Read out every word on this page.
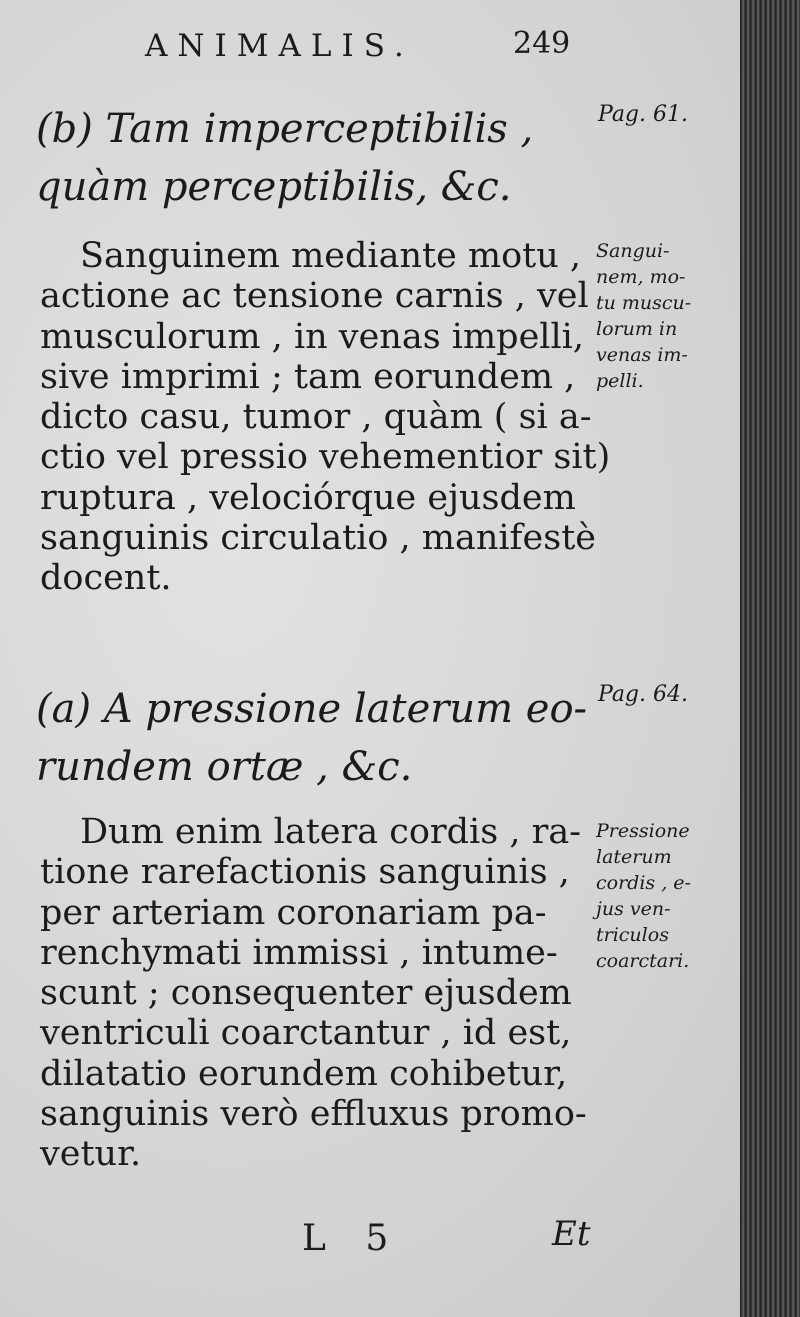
ANIMALIS.	249
(b) Tam imperceptibilis ,
quàm perceptibilis, &c.
Pag. 61.
Sanguinem mediante motu ,
actione ac tensione carnis , vel
musculorum , in venas impelli,
sive imprimi ; tam eorundem ,
dicto casu, tumor , quàm ( si a-
ctio vel pressio vehementior sit)
ruptura , velociórque ejusdem
sanguinis circulatio , manifestè
docent.
Sangui-
nem, mo-
tu muscu-
lorum in
venas im-
pelli.
(a) A pressione laterum eo-
rundem ortæ , &c.
Pag. 64.
Dum enim latera cordis , ra-
tione rarefactionis sanguinis ,
per arteriam coronariam pa-
renchymati immissi , intume-
scunt ; consequenter ejusdem
ventriculi coarctantur , id est,
dilatatio eorundem cohibetur,
sanguinis verò effluxus promo-
vetur.
Pressione
laterum
cordis , e-
jus ven-
triculos
coarctari.
L 5	Et
